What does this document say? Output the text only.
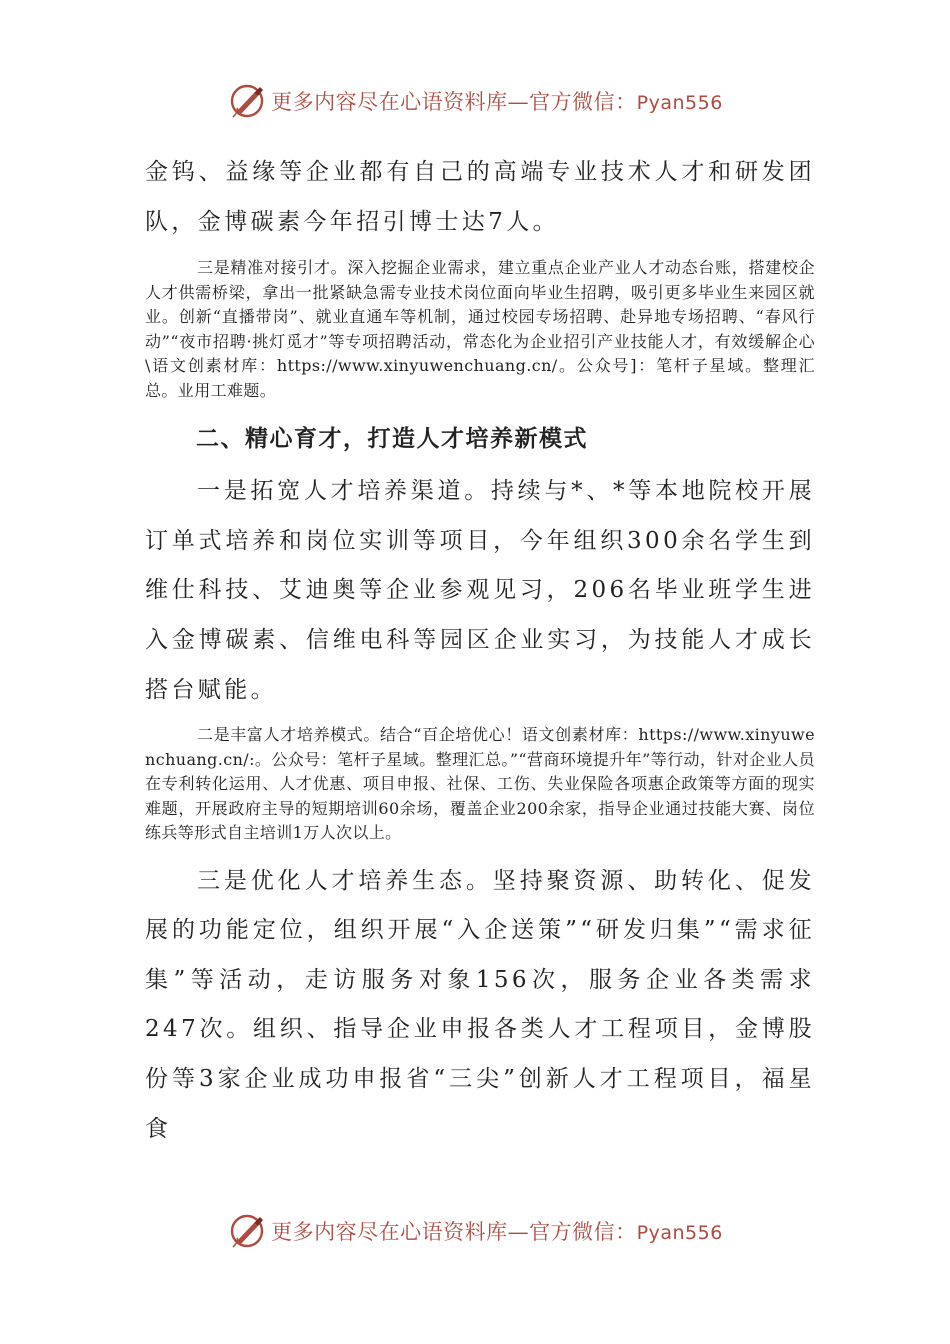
更多内容尽在心语资料库—官方微信：Pyan556

金钨、益缘等企业都有自己的高端专业技术人才和研发团队，金博碳素今年招引博士达7人。

三是精准对接引才。深入挖掘企业需求，建立重点企业产业人才动态台账，搭建校企人才供需桥梁，拿出一批紧缺急需专业技术岗位面向毕业生招聘，吸引更多毕业生来园区就业。创新“直播带岗”、就业直通车等机制，通过校园专场招聘、赴异地专场招聘、“春风行动”“夜市招聘·挑灯觅才”等专项招聘活动，常态化为企业招引产业技能人才，有效缓解企心\语文创素材库：https://www.xinyuwenchuang.cn/。公众号]：笔杆子星域。整理汇总。业用工难题。

二、精心育才，打造人才培养新模式

一是拓宽人才培养渠道。持续与*、*等本地院校开展订单式培养和岗位实训等项目，今年组织300余名学生到维仕科技、艾迪奥等企业参观见习，206名毕业班学生进入金博碳素、信维电科等园区企业实习，为技能人才成长搭台赋能。

二是丰富人才培养模式。结合“百企培优心！语文创素材库：https://www.xinyuwenchuang.cn/:。公众号：笔杆子星域。整理汇总。”“营商环境提升年”等行动，针对企业人员在专利转化运用、人才优惠、项目申报、社保、工伤、失业保险各项惠企政策等方面的现实难题，开展政府主导的短期培训60余场，覆盖企业200余家，指导企业通过技能大赛、岗位练兵等形式自主培训1万人次以上。

三是优化人才培养生态。坚持聚资源、助转化、促发展的功能定位，组织开展“入企送策”“研发归集”“需求征集”等活动，走访服务对象156次，服务企业各类需求247次。组织、指导企业申报各类人才工程项目，金博股份等3家企业成功申报省“三尖”创新人才工程项目，福星食

更多内容尽在心语资料库—官方微信：Pyan556
